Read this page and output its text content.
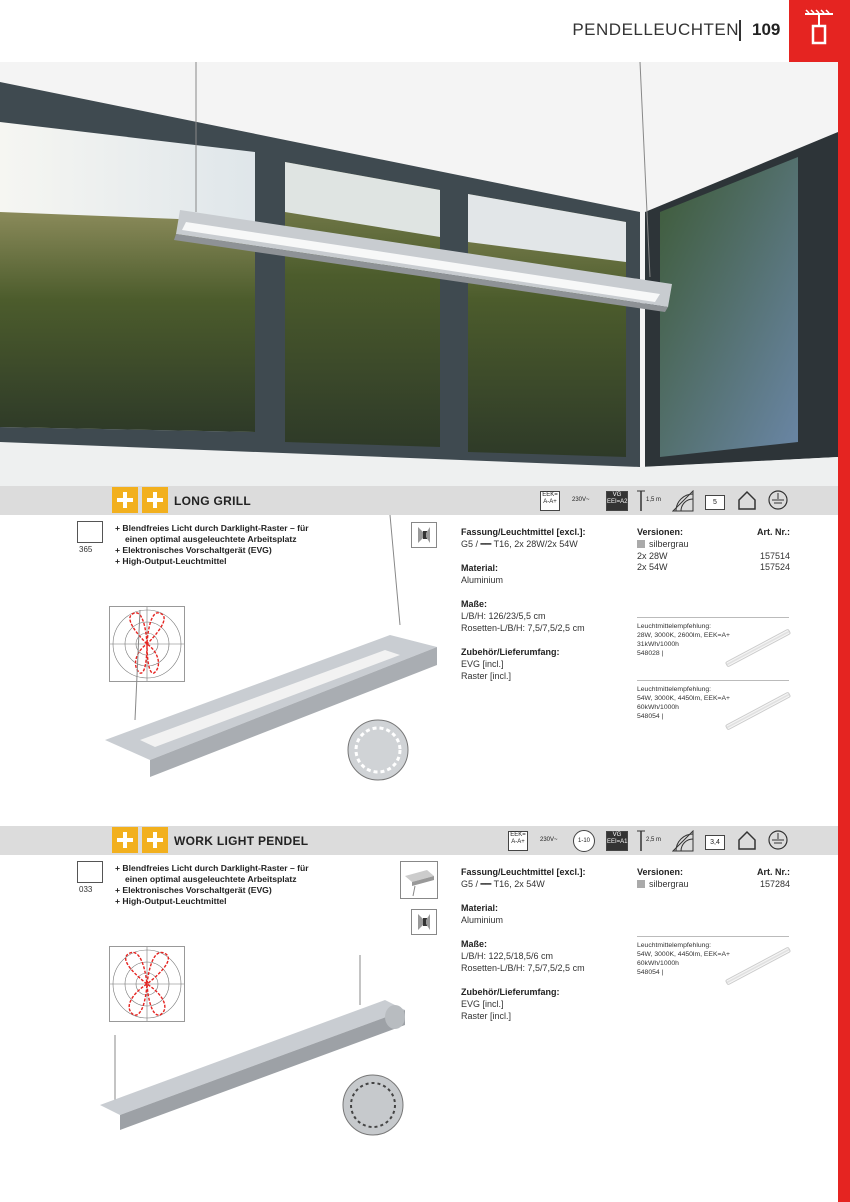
PENDELLEUCHTEN 109
LONG GRILL	EEK= A-A+	230V~
VG EEI=A2	1,5 m	5
365
+ Blendfreies Licht durch Darklight-Raster – für
einen optimal ausgeleuchtete Arbeitsplatz
+ Elektronisches Vorschaltgerät (EVG)
+ High-Output-Leuchtmittel
Fassung/Leuchtmittel [excl.]:
G5 / ━━ T16, 2x 28W/2x 54W
Material:
Aluminium
Maße:
L/B/H: 126/23/5,5 cm
Rosetten-L/B/H: 7,5/7,5/2,5 cm
Zubehör/Lieferumfang:
EVG [incl.]
Raster [incl.]
Versionen:	Art. Nr.:
silbergrau
2x 28W	157514
2x 54W	157524
Leuchtmittelempfehlung:
28W, 3000K, 2600lm, EEK=A+
31kWh/1000h
548028 |
Leuchtmittelempfehlung:
54W, 3000K, 4450lm, EEK=A+
60kWh/1000h
548054 |
WORK LIGHT PENDEL	EEK= A-A+	230V~	1-10
VG EEI=A1	2,5 m	3,4
033
+ Blendfreies Licht durch Darklight-Raster – für
einen optimal ausgeleuchtete Arbeitsplatz
+ Elektronisches Vorschaltgerät (EVG)
+ High-Output-Leuchtmittel
Fassung/Leuchtmittel [excl.]:
G5 / ━━ T16, 2x 54W
Material:
Aluminium
Maße:
L/B/H: 122,5/18,5/6 cm
Rosetten-L/B/H: 7,5/7,5/2,5 cm
Zubehör/Lieferumfang:
EVG [incl.]
Raster [incl.]
Versionen:	Art. Nr.:
silbergrau	157284
Leuchtmittelempfehlung:
54W, 3000K, 4450lm, EEK=A+
60kWh/1000h
548054 |
